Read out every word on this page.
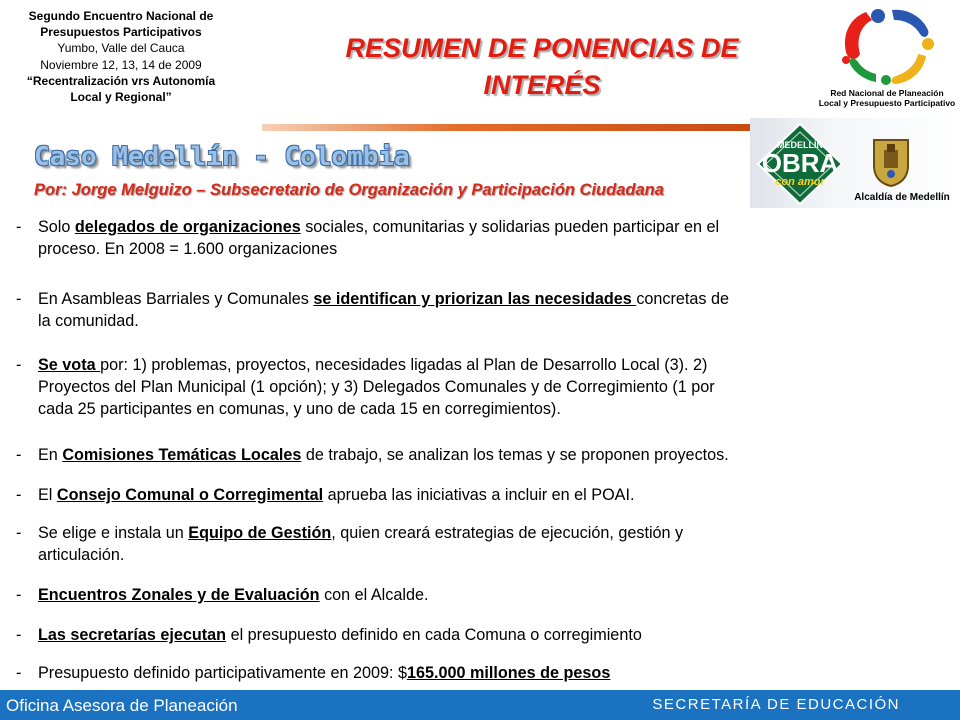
Segundo Encuentro Nacional de
Presupuestos Participativos
Yumbo, Valle del Cauca
Noviembre 12, 13, 14 de 2009
“Recentralización vrs Autonomía
Local y Regional”
RESUMEN DE PONENCIAS DE
INTERÉS	Red Nacional de Planeación
Local y Presupuesto Participativo
MEDELLÍN
OBRA
con amor
Alcaldía de Medellín
Caso Medellín - Colombia

Por: Jorge Melguizo – Subsecretario de Organización y Participación Ciudadana

-	Solo delegados de organizaciones sociales, comunitarias y solidarias pueden participar en el
proceso. En 2008 = 1.600 organizaciones
-	En Asambleas Barriales y Comunales se identifican y priorizan las necesidades concretas de
la comunidad.
-	Se vota por: 1) problemas, proyectos, necesidades ligadas al Plan de Desarrollo Local (3). 2)
Proyectos del Plan Municipal (1 opción); y 3) Delegados Comunales y de Corregimiento (1 por
cada 25 participantes en comunas, y uno de cada 15 en corregimientos).
-	En Comisiones Temáticas Locales de trabajo, se analizan los temas y se proponen proyectos.
-	El Consejo Comunal o Corregimental aprueba las iniciativas a incluir en el POAI.
-	Se elige e instala un Equipo de Gestión, quien creará estrategias de ejecución, gestión y
articulación.
-	Encuentros Zonales y de Evaluación con el Alcalde.
-	Las secretarías ejecutan el presupuesto definido en cada Comuna o corregimiento
-	Presupuesto definido participativamente en 2009: $165.000 millones de pesos

Oficina Asesora de Planeación	SECRETARÍA DE EDUCACIÓN
